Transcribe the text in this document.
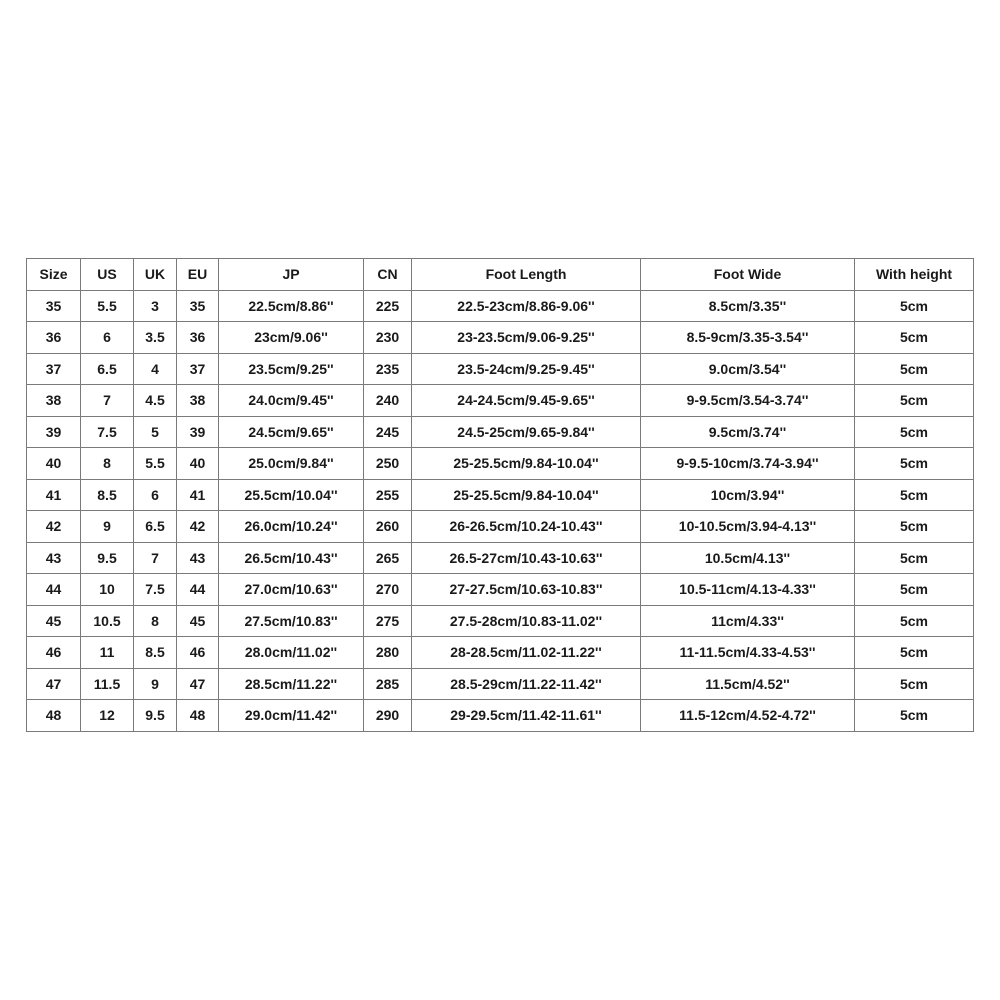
Size	US	UK	EU	JP	CN	Foot Length	Foot Wide	With height
35	5.5	3	35	22.5cm/8.86''	225	22.5-23cm/8.86-9.06''	8.5cm/3.35''	5cm
36	6	3.5	36	23cm/9.06''	230	23-23.5cm/9.06-9.25''	8.5-9cm/3.35-3.54''	5cm
37	6.5	4	37	23.5cm/9.25''	235	23.5-24cm/9.25-9.45''	9.0cm/3.54''	5cm
38	7	4.5	38	24.0cm/9.45''	240	24-24.5cm/9.45-9.65''	9-9.5cm/3.54-3.74''	5cm
39	7.5	5	39	24.5cm/9.65''	245	24.5-25cm/9.65-9.84''	9.5cm/3.74''	5cm
40	8	5.5	40	25.0cm/9.84''	250	25-25.5cm/9.84-10.04''	9-9.5-10cm/3.74-3.94''	5cm
41	8.5	6	41	25.5cm/10.04''	255	25-25.5cm/9.84-10.04''	10cm/3.94''	5cm
42	9	6.5	42	26.0cm/10.24''	260	26-26.5cm/10.24-10.43''	10-10.5cm/3.94-4.13''	5cm
43	9.5	7	43	26.5cm/10.43''	265	26.5-27cm/10.43-10.63''	10.5cm/4.13''	5cm
44	10	7.5	44	27.0cm/10.63''	270	27-27.5cm/10.63-10.83''	10.5-11cm/4.13-4.33''	5cm
45	10.5	8	45	27.5cm/10.83''	275	27.5-28cm/10.83-11.02''	11cm/4.33''	5cm
46	11	8.5	46	28.0cm/11.02''	280	28-28.5cm/11.02-11.22''	11-11.5cm/4.33-4.53''	5cm
47	11.5	9	47	28.5cm/11.22''	285	28.5-29cm/11.22-11.42''	11.5cm/4.52''	5cm
48	12	9.5	48	29.0cm/11.42''	290	29-29.5cm/11.42-11.61''	11.5-12cm/4.52-4.72''	5cm
